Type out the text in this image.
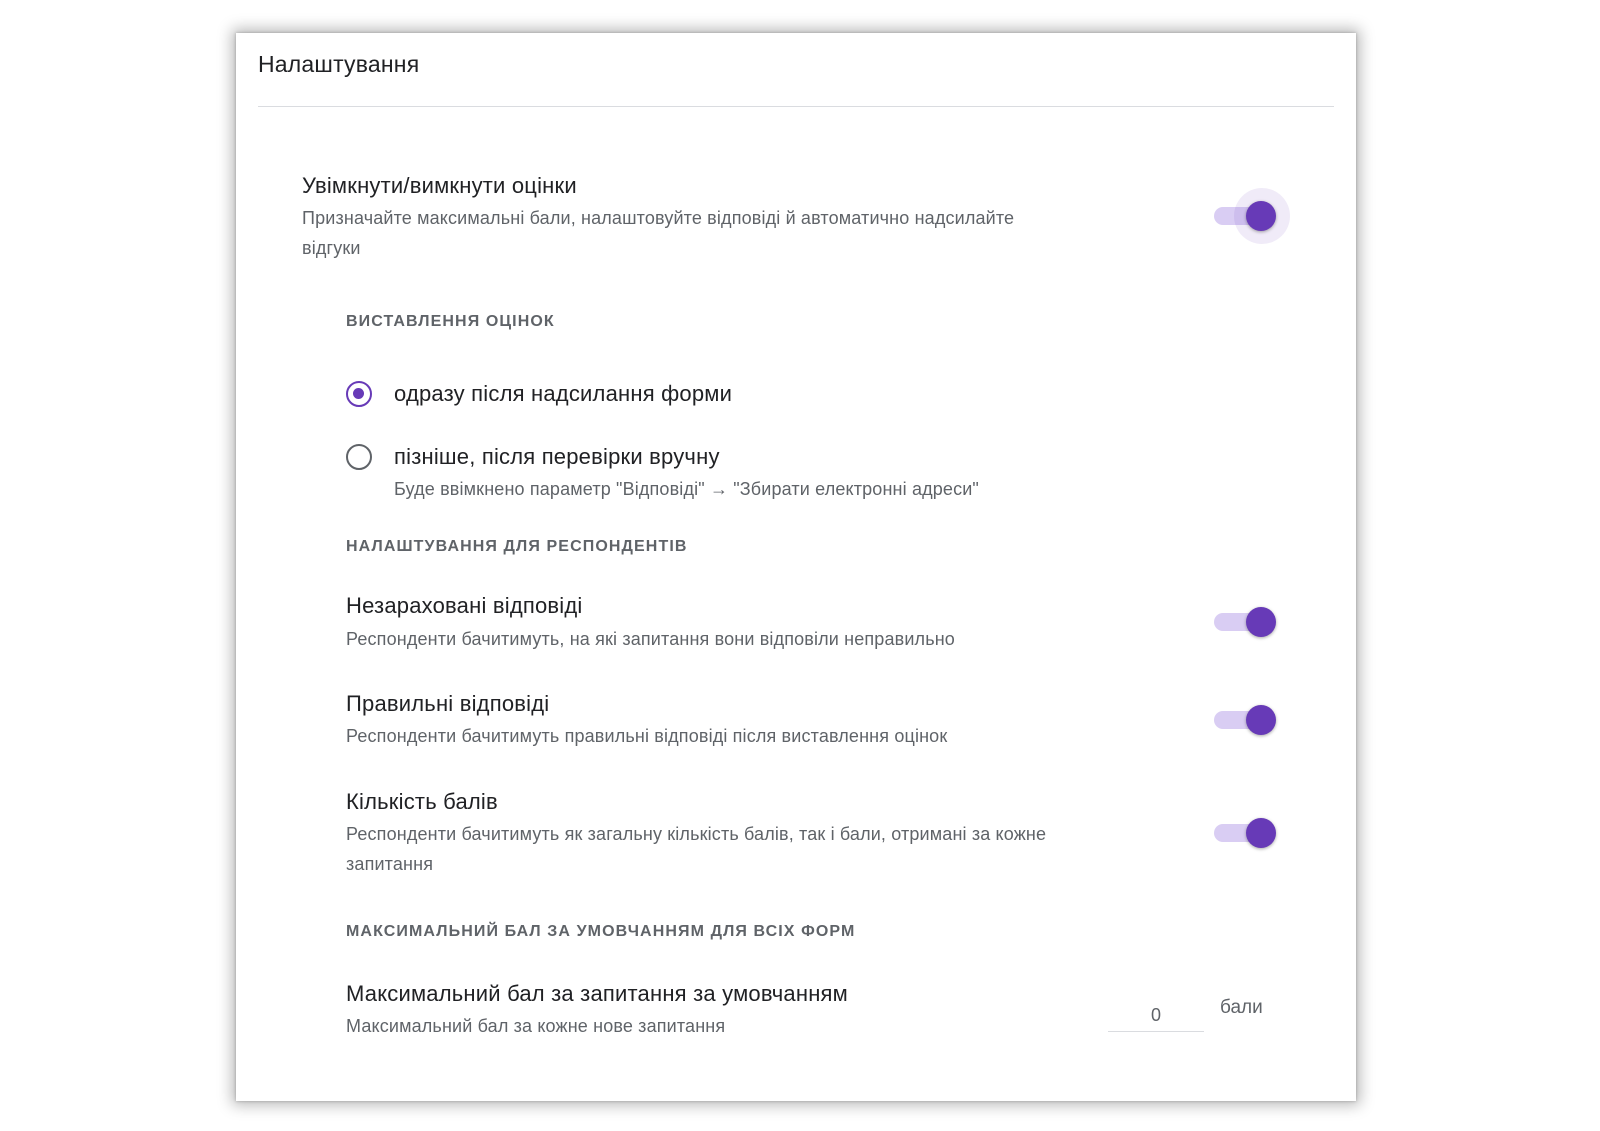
Налаштування
Увімкнути/вимкнути оцінки
Призначайте максимальні бали, налаштовуйте відповіді й автоматично надсилайте
відгуки
ВИСТАВЛЕННЯ ОЦІНОК
одразу після надсилання форми
пізніше, після перевірки вручну
Буде ввімкнено параметр "Відповіді" → "Збирати електронні адреси"
НАЛАШТУВАННЯ ДЛЯ РЕСПОНДЕНТІВ
Незараховані відповіді
Респонденти бачитимуть, на які запитання вони відповіли неправильно
Правильні відповіді
Респонденти бачитимуть правильні відповіді після виставлення оцінок
Кількість балів
Респонденти бачитимуть як загальну кількість балів, так і бали, отримані за кожне
запитання
МАКСИМАЛЬНИЙ БАЛ ЗА УМОВЧАННЯМ ДЛЯ ВСІХ ФОРМ
Максимальний бал за запитання за умовчанням
Максимальний бал за кожне нове запитання
0
бали
